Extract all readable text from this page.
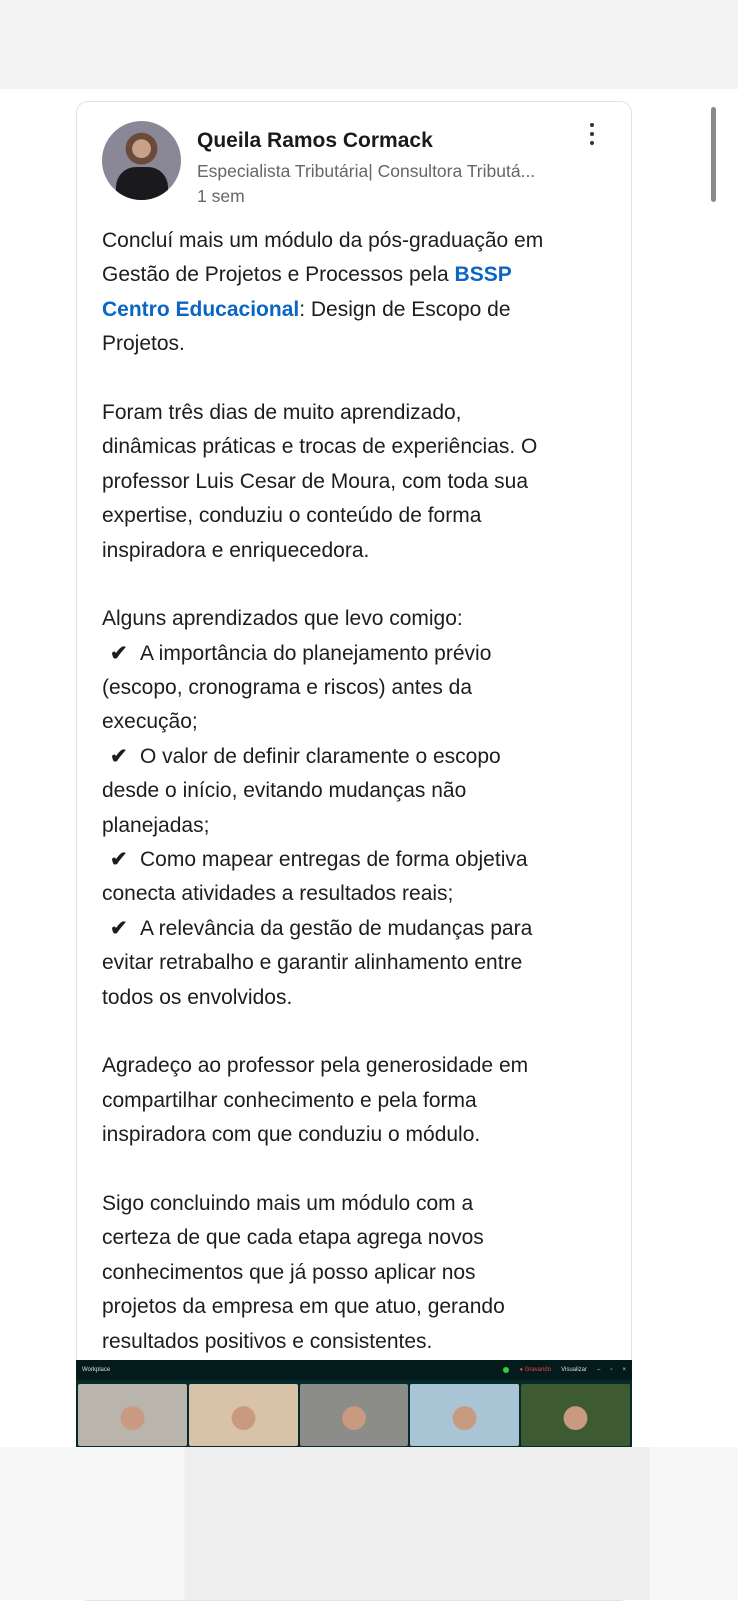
Queila Ramos Cormack
Especialista Tributária| Consultora Tributá...
1 sem
Concluí mais um módulo da pós-graduação em
Gestão de Projetos e Processos pela BSSP
Centro Educacional: Design de Escopo de
Projetos.
Foram três dias de muito aprendizado,
dinâmicas práticas e trocas de experiências. O
professor Luis Cesar de Moura, com toda sua
expertise, conduziu o conteúdo de forma
inspiradora e enriquecedora.
Alguns aprendizados que levo comigo:
✔ A importância do planejamento prévio
(escopo, cronograma e riscos) antes da
execução;
✔ O valor de definir claramente o escopo
desde o início, evitando mudanças não
planejadas;
✔ Como mapear entregas de forma objetiva
conecta atividades a resultados reais;
✔ A relevância da gestão de mudanças para
evitar retrabalho e garantir alinhamento entre
todos os envolvidos.
Agradeço ao professor pela generosidade em
compartilhar conhecimento e pela forma
inspiradora com que conduziu o módulo.
Sigo concluindo mais um módulo com a
certeza de que cada etapa agrega novos
conhecimentos que já posso aplicar nos
projetos da empresa em que atuo, gerando
resultados positivos e consistentes.
Workplace	● Gravando Visualizar – ▫ ×
